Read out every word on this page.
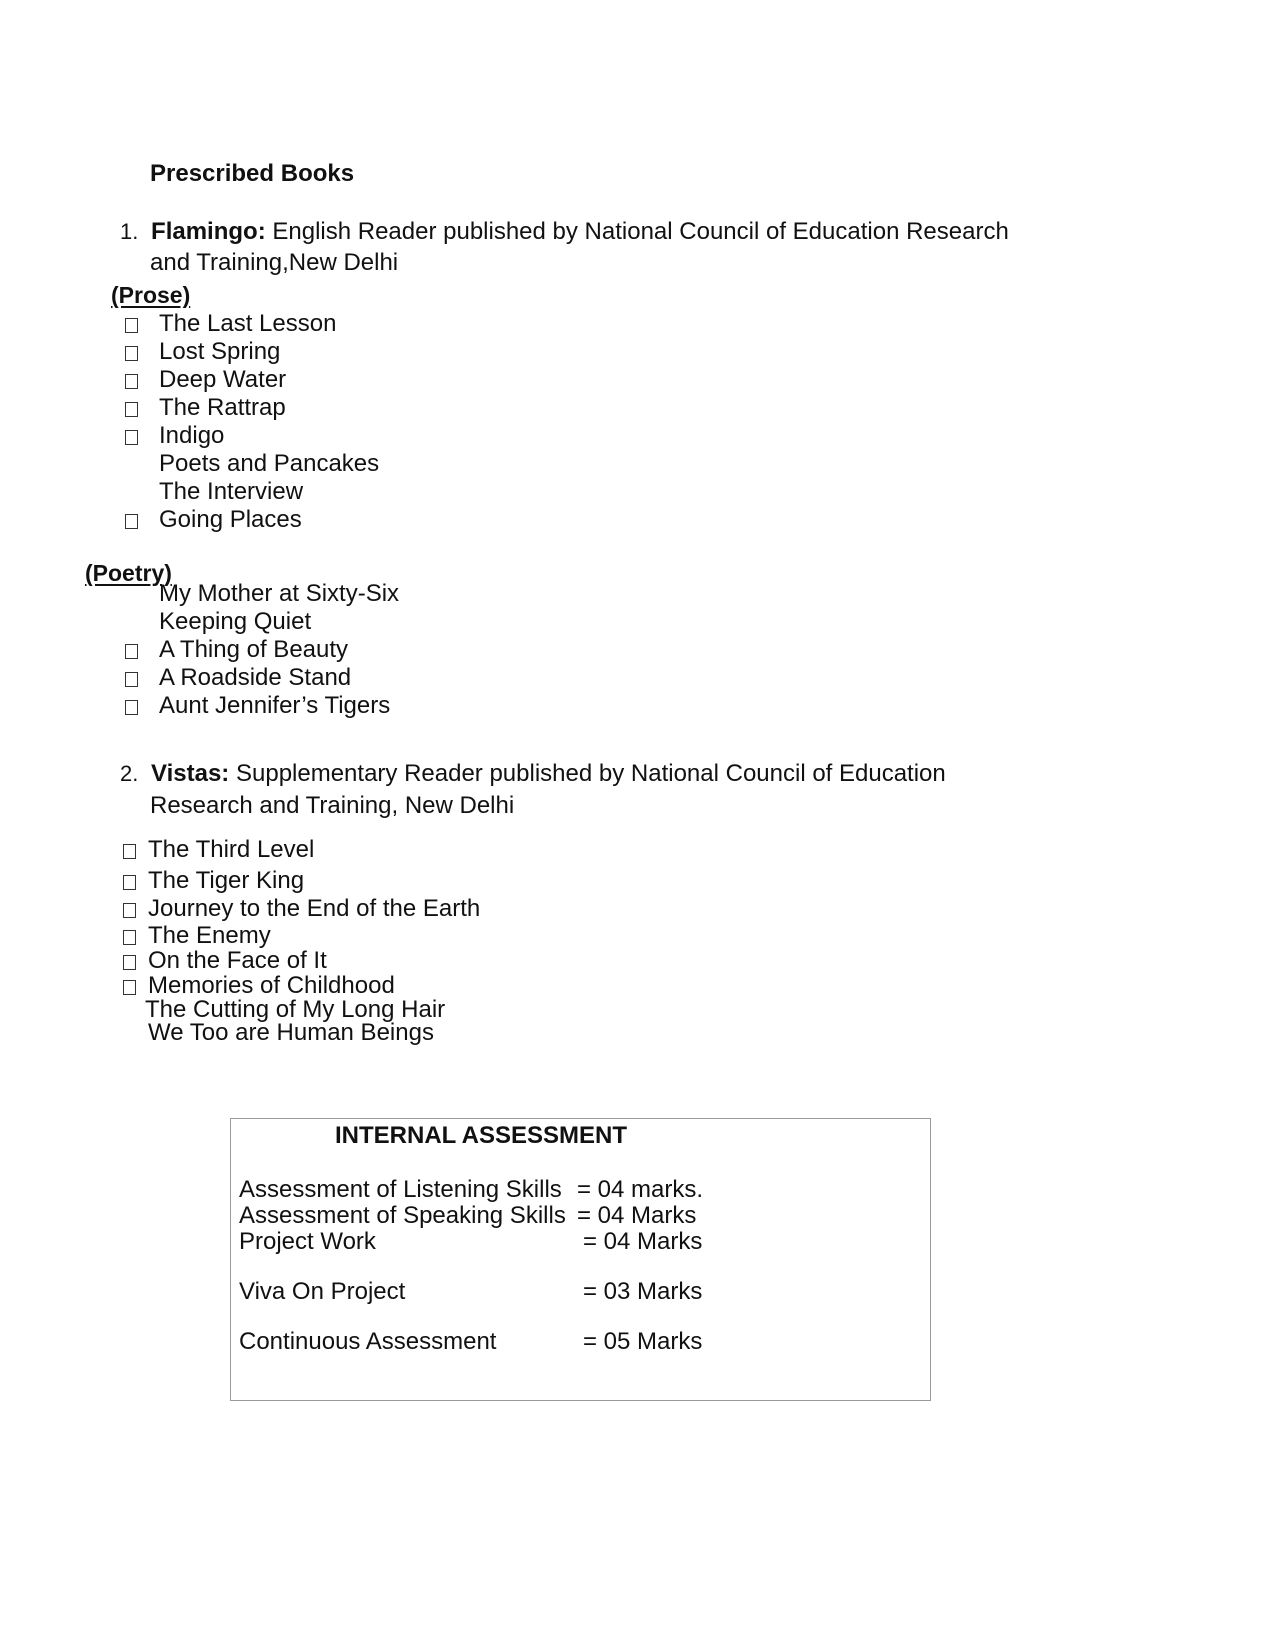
Prescribed Books
1. Flamingo: English Reader published by National Council of Education Research
and Training,New Delhi
(Prose)
The Last Lesson
Lost Spring
Deep Water
The Rattrap
Indigo
Poets and Pancakes
The Interview
Going Places
(Poetry)
My Mother at Sixty-Six
Keeping Quiet
A Thing of Beauty
A Roadside Stand
Aunt Jennifer’s Tigers
2. Vistas: Supplementary Reader published by National Council of Education
Research and Training, New Delhi
The Third Level
The Tiger King
Journey to the End of the Earth
The Enemy
On the Face of It
Memories of Childhood
The Cutting of My Long Hair
We Too are Human Beings
INTERNAL ASSESSMENT
Assessment of Listening Skills = 04 marks.
Assessment of Speaking Skills = 04 Marks
Project Work	= 04 Marks
Viva On Project	= 03 Marks
Continuous Assessment	= 05 Marks
